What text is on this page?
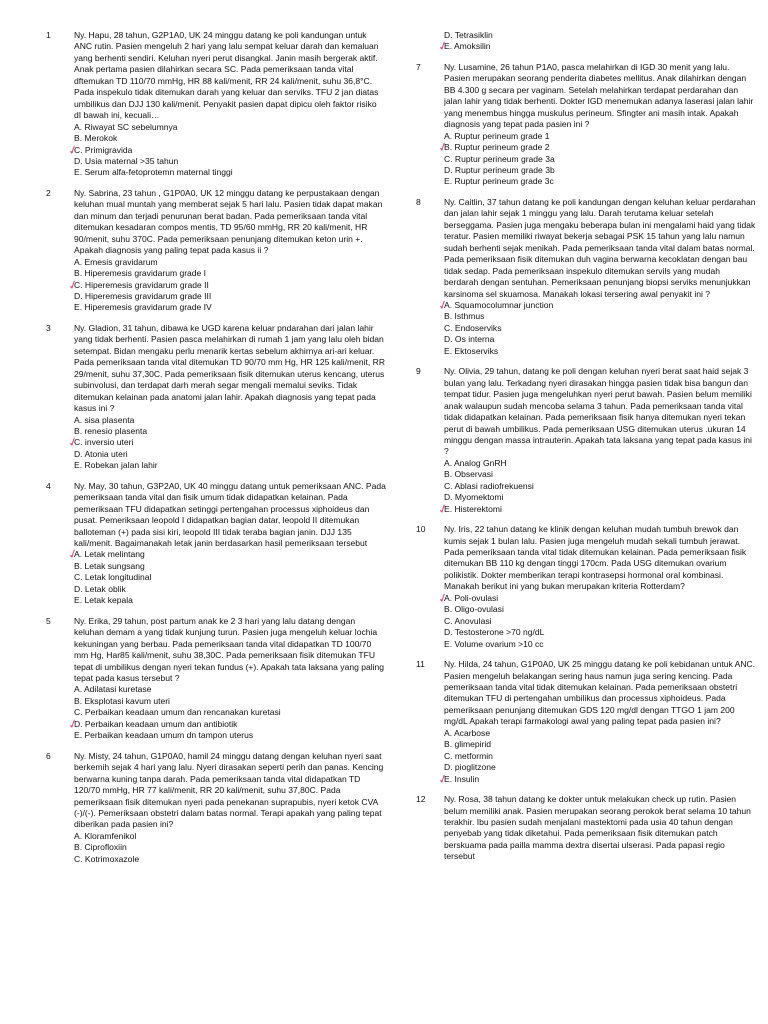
1	Ny. Hapu, 28 tahun, G2P1A0, UK 24 minggu datang ke poli kandungan untuk ANC rutin. Pasien mengeluh 2 hari yang lalu sempat keluar darah dan kemaluan yang berhenti sendiri. Keluhan nyeri perut disangkal. Janin masih bergerak aktif. Anak pertama pasien dilahirkan secara SC. Pada pemeriksaan tanda vital dftemukan TD 110/70 mmHg, HR 88 kali/menit, RR 24 kali/menit, suhu 36,8°C. Pada inspekulo tidak ditemukan darah yang keluar dan serviks. TFU 2 jan diatas umbilikus dan DJJ 130 kali/menit. Penyakit pasien dapat dipicu oleh faktor risiko dI bawah ini, kecuali…

A. Riwayat SC sebelumnya
B. Merokok
✓
C. Primigravida
D. Usia maternal >35 tahun
E. Serum alfa-fetoprotemn maternal tinggi
2	Ny. Sabrina, 23 tahun , G1P0A0, UK 12 minggu datang ke perpustakaan dengan keluhan mual muntah yang memberat sejak 5 hari lalu. Pasien tidak dapat makan dan minum dan terjadi penurunan berat badan. Pada pemeriksaan tanda vital ditemukan kesadaran compos mentis, TD 95/60 mmHg, RR 20 kali/menit, HR 90/menit, suhu 370C. Pada pemeriksaan penunjang ditemukan keton urin +. Apakah diagnosis yang paling tepat pada kasus ii ?

A. Emesis gravidarum
B. Hiperemesis gravidarum grade I
✓
C. Hiperemesis gravidarum grade II
D. Hiperemesis gravidarum grade III
E. Hiperemesis gravidarum grade IV
3	Ny. Gladion, 31 tahun, dibawa ke UGD karena keluar pndarahan dari jalan lahir yang tidak berhenti. Pasien pasca melahirkan di rumah 1 jam yang lalu oleh bidan setempat. Bidan mengaku perlu menarik kertas sebelum akhirnya ari-ari keluar. Pada pemeriksaan tanda vital ditemukan TD 90/70 mm Hg, HR 125 kali/menit, RR 29/menit, suhu 37,30C. Pada pemeriksaan fisik ditemukan uterus kencang, uterus subinvolusi, dan terdapat darh merah segar mengali memalui seviks. Tidak ditemukan kelainan pada anatomi jalan lahir. Apakah diagnosis yang tepat pada kasus ini ?

A. sisa plasenta
B. renesio plasenta
✓
C. inversio uteri
D. Atonia uteri
E. Robekan jalan lahir
4	Ny. May, 30 tahun, G3P2A0, UK 40 minggu datang untuk pemeriksaan ANC. Pada pemeriksaan tanda vital dan fisik umum tidak didapatkan kelainan. Pada pemeriksaan TFU didapatkan setinggi pertengahan processus xiphoideus dan pusat. Pemeriksaan leopold I didapatkan bagian datar, leopold II ditemukan balloteman (+) pada sisi kiri, leopold III tidak teraba bagian janin. DJJ 135 kali/menit. Bagaimanakah letak janin berdasarkan hasil pemeriksaan tersebut

✓
A. Letak melintang
B. Letak sungsang
C. Letak longitudinal
D. Letak oblik
E. Letak kepala
5	Ny. Erika, 29 tahun, post partum anak ke 2 3 hari yang lalu datang dengan keluhan demam a yang tidak kunjung turun. Pasien juga mengeluh keluar lochia kekuningan yang berbau. Pada pemeriksaan tanda vital didapatkan TD 100/70 mm Hg, Har85 kali/menit, suhu 38,30C. Pada pemeriksaan fisik ditemukan TFU tepat di umbilikus dengan nyeri tekan fundus (+). Apakah tata laksana yang paling tepat pada kasus tersebut ?

A. Adilatasi kuretase
B. Eksplotasi kavum uteri
C. Perbaikan keadaan umum dan rencanakan kuretasi
✓
D. Perbaikan keadaan umum dan antibiotik
E. Perbaikan keadaan umum dn tampon uterus
6	Ny. Misty, 24 tahun, G1P0A0, hamil 24 minggu datang dengan keluhan nyeri saat berkemih sejak 4 hari yang lalu. Nyeri dirasakan seperti perih dan panas. Kencing berwarna kuning tanpa darah. Pada pemeriksaan tanda vital didapatkan TD 120/70 mmHg, HR 77 kali/menit, RR 20 kali/menit, suhu 37,80C. Pada pemeriksaan fisik ditemukan nyeri pada penekanan suprapubis, nyeri ketok CVA (-)/(-). Pemeriksaan obstetri dalam batas normal. Terapi apakah yang paling tepat diberikan pada pasien ini?

A. Kloramfenikol
B. Ciprofloxiin
C. Kotrimoxazole
D. Tetrasiklin
✓
E. Amoksilin
7	Ny. Lusamine, 26 tahun P1A0, pasca melahirkan di IGD 30 menit yang lalu. Pasien merupakan seorang penderita diabetes mellitus. Anak dilahirkan dengan BB 4.300 g secara per vaginam. Setelah melahirkan terdapat perdarahan dan jalan lahir yang tidak berhenti. Dokter IGD menemukan adanya laserasi jalan lahir yang menembus hingga muskulus perineum. Sfingter ani masih intak. Apakah diagnosis yang tepat pada pasien ini ?

A. Ruptur perineum grade 1
✓
B. Ruptur perineum grade 2
C. Ruptur perineum grade 3a
D. Ruptur perineum grade 3b
E. Ruptur perineum grade 3c
8	Ny. Caitlin, 37 tahun datang ke poli kandungan dengan keluhan keluar perdarahan dan jalan lahir sejak 1 minggu yang lalu. Darah terutama keluar setelah berseggama. Pasien juga mengaku beberapa bulan ini mengalami haid yang tidak teratur. Pasien memiliki riwayat bekerja sebagai PSK 15 tahun yang lalu namun sudah berhenti sejak menikah. Pada pemeriksaan tanda vital dalam batas normal. Pada pemeriksaan fisik ditemukan duh vagina berwarna kecoklatan dengan bau tidak sedap. Pada pemeriksaan inspekulo ditemukan servils yang mudah berdarah dengan sentuhan. Pemeriksaan penunjang biopsi serviks menunjukkan karsinoma sel skuamosa. Manakah lokasi tersering awal penyakit ini ?

✓
A. Squamocolumnar junction
B. Isthmus
C. Endoserviks
D. Os interna
E. Ektoserviks
9	Ny. Olivia, 29 tahun, datang ke poli dengan keluhan nyeri berat saat haid sejak 3 bulan yang lalu. Terkadang nyeri dirasakan hingga pasien tidak bisa bangun dan tempat tidur. Pasien juga mengeluhkan nyeri perut bawah. Pasien belum memiliki anak walaupun sudah mencoba selama 3 tahun. Pada pemeriksaan tanda vital tidak didapatkan kelainan. Pada pemeriksaan fisik hanya ditemukan nyeri tekan perut di bawah umbilikus. Pada pemeriksaan USG ditemukan uterus .ukuran 14 minggu dengan massa intrauterin. Apakah tata laksana yang tepat pada kasus ini ?

A. Analog GnRH
B. Observasi
C. Ablasi radiofrekuensi
D. Myomektomi
✓
E. Histerektomi
10	Ny. Iris, 22 tahun datang ke klinik dengan keluhan mudah tumbuh brewok dan kumis sejak 1 bulan lalu. Pasien juga mengeluh mudah sekali tumbuh jerawat. Pada pemeriksaan tanda vital tidak ditemukan kelainan. Pada pemeriksaan fisik ditemukan BB 110 kg dengan tinggi 170cm. Pada USG ditemukan ovarium polikistik. Dokter memberikan terapi kontrasepsi hormonal oral kombinasi. Manakah berikut ini yang bukan merupakan kriteria Rotterdam?

✓
A. Poli-ovulasi
B. Oligo-ovulasi
C. Anovulasi
D. Testosterone >70 ng/dL
E. Volume ovarium >10 cc
11	Ny. Hilda, 24 tahun, G1P0A0, UK 25 minggu datang ke poli kebidanan untuk ANC. Pasien mengeluh belakangan sering haus namun juga sering kencing. Pada pemeriksaan tanda vital tidak ditemukan kelainan. Pada pemeriksaan obstetri ditemukan TFU di pertengahan umbilikus dan processus xiphoideus. Pada pemeriksaan penunjang ditemukan GDS 120 mg/dl dengan TTGO 1 jam 200 mg/dL Apakah terapi farmakologi awal yang paling tepat pada pasien ini?

A. Acarbose
B. glimepirid
C. metformin
D. pioglitzone
✓
E. Insulin
12	Ny. Rosa, 38 tahun datang ke dokter untuk melakukan check up rutin. Pasien belum memiliki anak. Pasien merupakan seorang perokok berat selama 10 tahun terakhir. Ibu pasien sudah menjalani mastektomi pada usia 40 tahun dengan penyebab yang tidak diketahui. Pada pemeriksaan fisik ditemukan patch berskuama pada pailla mamma dextra disertai ulserasi. Pada papasi regio tersebut
